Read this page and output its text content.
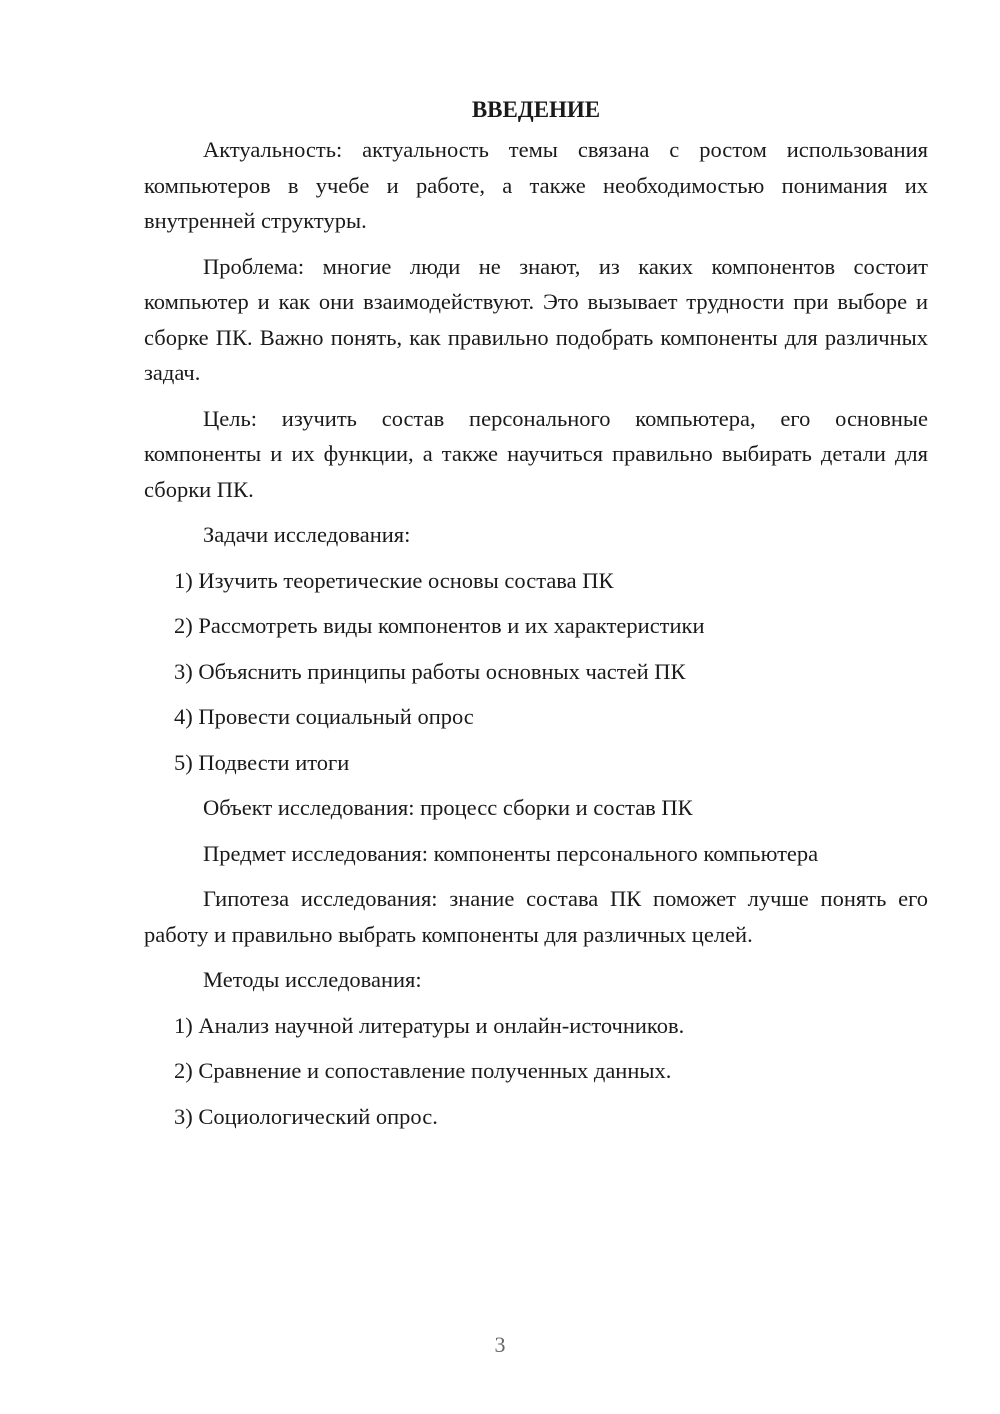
ВВЕДЕНИЕ

Актуальность: актуальность темы связана с ростом использования компьютеров в учебе и работе, а также необходимостью понимания их внутренней структуры.

Проблема: многие люди не знают, из каких компонентов состоит компьютер и как они взаимодействуют. Это вызывает трудности при выборе и сборке ПК. Важно понять, как правильно подобрать компоненты для различных задач.

Цель: изучить состав персонального компьютера, его основные компоненты и их функции, а также научиться правильно выбирать детали для сборки ПК.

Задачи исследования:

1) Изучить теоретические основы состава ПК
2) Рассмотреть виды компонентов и их характеристики
3) Объяснить принципы работы основных частей ПК
4) Провести социальный опрос
5) Подвести итоги

Объект исследования: процесс сборки и состав ПК

Предмет исследования: компоненты персонального компьютера

Гипотеза исследования: знание состава ПК поможет лучше понять его работу и правильно выбрать компоненты для различных целей.

Методы исследования:

1) Анализ научной литературы и онлайн-источников.
2) Сравнение и сопоставление полученных данных.
3) Социологический опрос.
3
